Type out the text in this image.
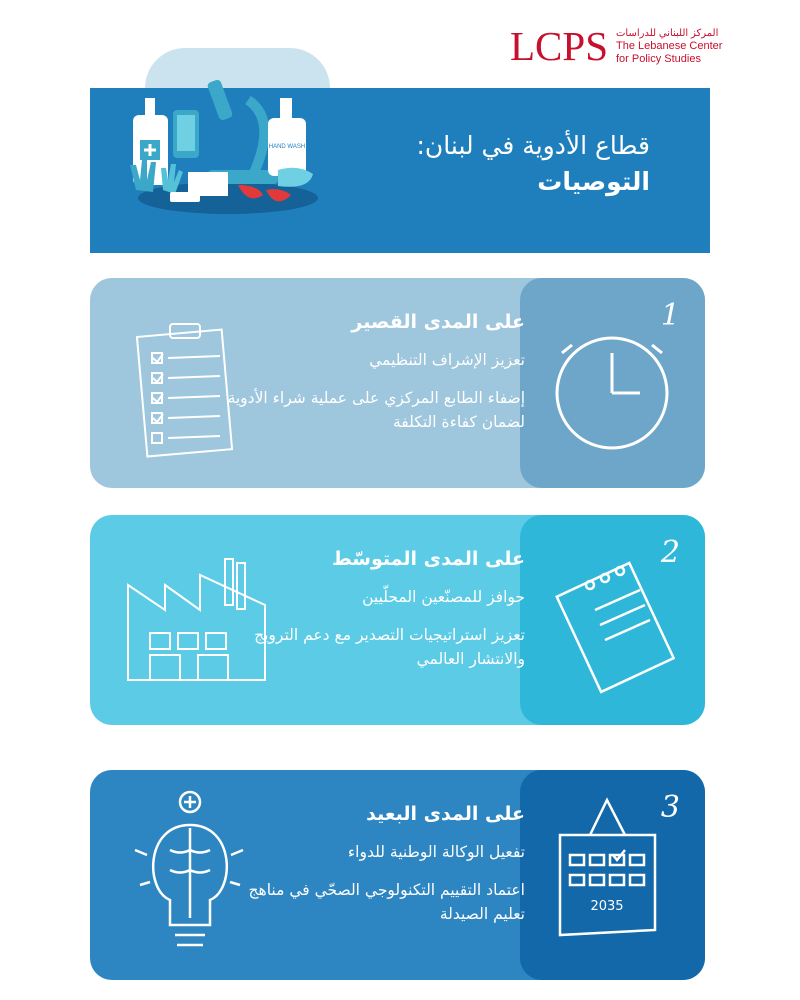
LCPS المركز اللبناني للدراسات
The Lebanese Center
for Policy Studies
HAND WASH	قطاع الأدوية في لبنان:
التوصيات
على المدى القصير
تعزيز الإشراف التنظيمي
إضفاء الطابع المركزي على عملية شراء الأدوية لضمان كفاءة التكلفة
1
على المدى المتوسّط
حوافز للمصنّعين المحلّيين
تعزيز استراتيجيات التصدير مع دعم الترويج والانتشار العالمي
2
على المدى البعيد
تفعيل الوكالة الوطنية للدواء
اعتماد التقييم التكنولوجي الصحّي في مناهج تعليم الصيدلة
3
2035
